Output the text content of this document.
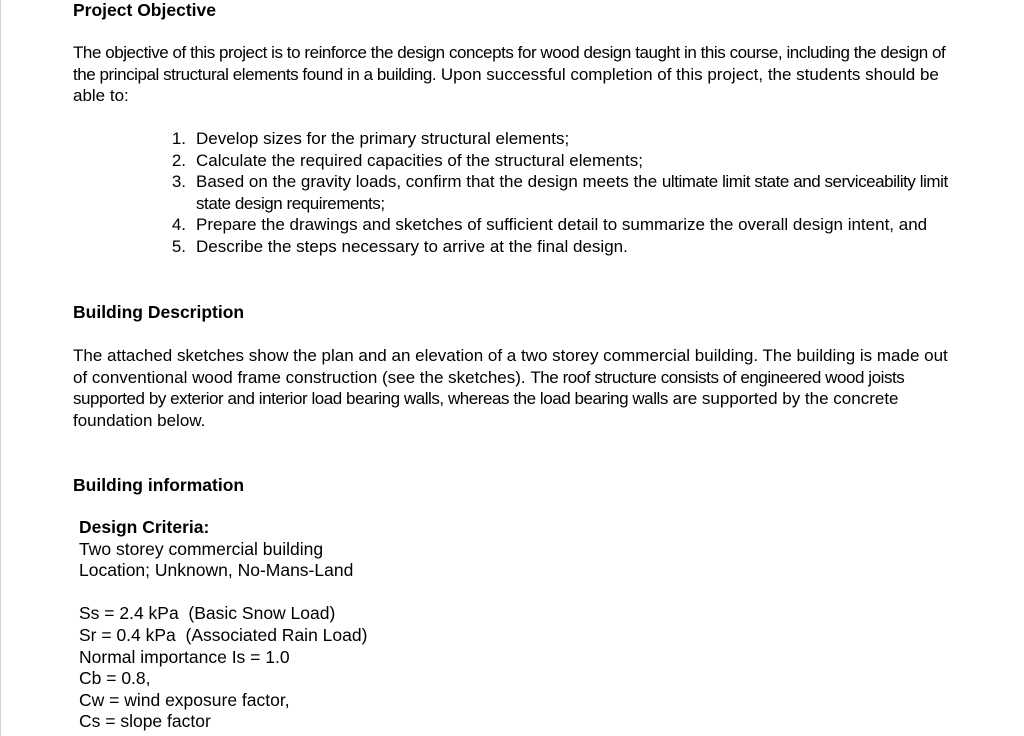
Project Objective
The objective of this project is to reinforce the design concepts for wood design taught in this course, including the design of the principal structural elements found in a building. Upon successful completion of this project, the students should be able to:
1. Develop sizes for the primary structural elements;
2. Calculate the required capacities of the structural elements;
3. Based on the gravity loads, confirm that the design meets the ultimate limit state and serviceability limit state design requirements;
4. Prepare the drawings and sketches of sufficient detail to summarize the overall design intent, and
5. Describe the steps necessary to arrive at the final design.
Building Description
The attached sketches show the plan and an elevation of a two storey commercial building. The building is made out of conventional wood frame construction (see the sketches). The roof structure consists of engineered wood joists supported by exterior and interior load bearing walls, whereas the load bearing walls are supported by the concrete foundation below.
Building information
Design Criteria:
Two storey commercial building
Location; Unknown, No-Mans-Land
Ss = 2.4 kPa  (Basic Snow Load)
Sr = 0.4 kPa  (Associated Rain Load)
Normal importance Is = 1.0
Cb = 0.8,
Cw = wind exposure factor,
Cs = slope factor
